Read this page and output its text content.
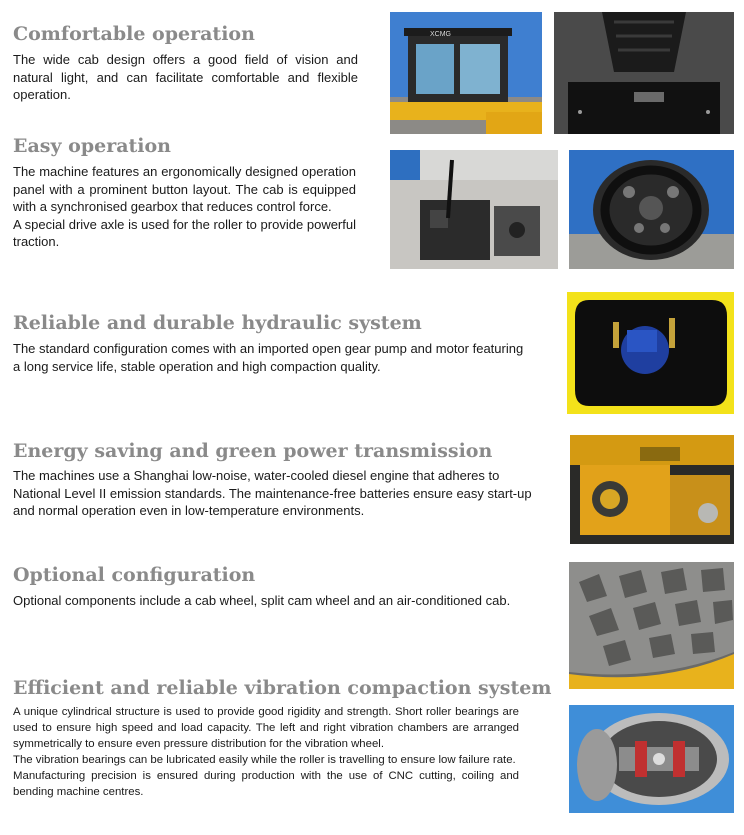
Comfortable operation

The wide cab design offers a good field of vision and natural light, and can facilitate comfortable and flexible operation.

XCMG
Easy operation

The machine features an ergonomically designed operation panel with a prominent button layout. The cab is equipped with a synchronised gearbox that reduces control force.

A special drive axle is used for the roller to provide powerful traction.

Reliable and durable hydraulic system

The standard configuration comes with an imported open gear pump and motor featuring a long service life, stable operation and high compaction quality.

Energy saving and green power transmission

The machines use a Shanghai low-noise, water-cooled diesel engine that adheres to National Level II emission standards. The maintenance-free batteries ensure easy start-up and normal operation even in low-temperature environments.

Optional configuration

Optional components include a cab wheel, split cam wheel and an air-conditioned cab.

Efficient and reliable vibration compaction system

A unique cylindrical structure is used to provide good rigidity and strength. Short roller bearings are used to ensure high speed and load capacity. The left and right vibration chambers are arranged symmetrically to ensure even pressure distribution for the vibration wheel.

The vibration bearings can be lubricated easily while the roller is travelling to ensure low failure rate.

Manufacturing precision is ensured during production with the use of CNC cutting, coiling and bending machine centres.
